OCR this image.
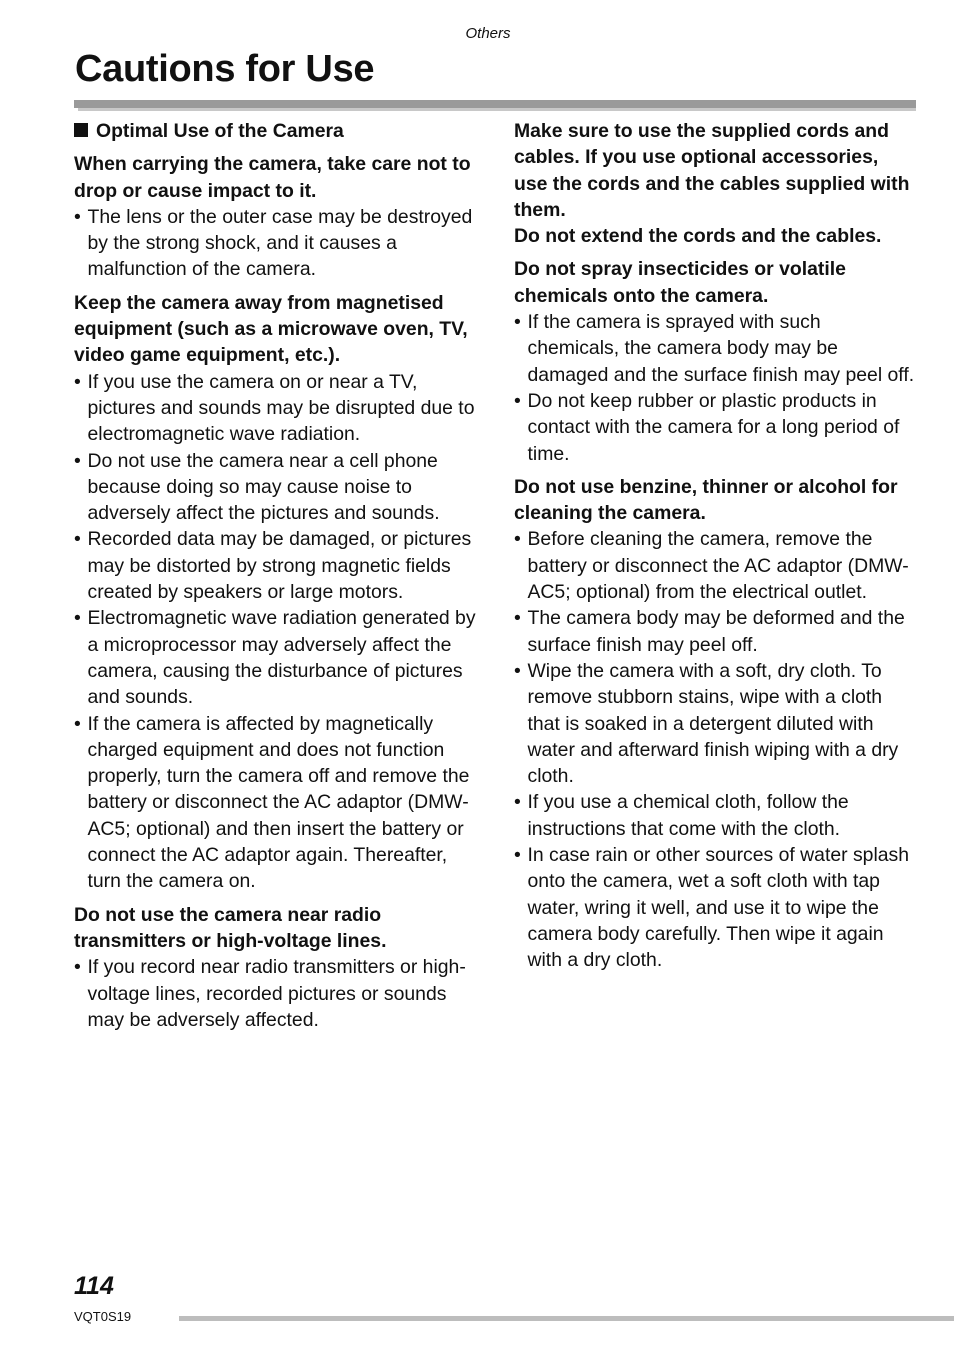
Others
Cautions for Use

Optimal Use of the Camera

When carrying the camera, take care not to drop or cause impact to it.

• The lens or the outer case may be destroyed by the strong shock, and it causes a malfunction of the camera.

Keep the camera away from magnetised equipment (such as a microwave oven, TV, video game equipment, etc.).

• If you use the camera on or near a TV, pictures and sounds may be disrupted due to electromagnetic wave radiation.

• Do not use the camera near a cell phone because doing so may cause noise to adversely affect the pictures and sounds.

• Recorded data may be damaged, or pictures may be distorted by strong magnetic fields created by speakers or large motors.

• Electromagnetic wave radiation generated by a microprocessor may adversely affect the camera, causing the disturbance of pictures and sounds.

• If the camera is affected by magnetically charged equipment and does not function properly, turn the camera off and remove the battery or disconnect the AC adaptor (DMW-AC5; optional) and then insert the battery or connect the AC adaptor again. Thereafter, turn the camera on.

Do not use the camera near radio transmitters or high-voltage lines.

• If you record near radio transmitters or high-voltage lines, recorded pictures or sounds may be adversely affected.

Make sure to use the supplied cords and cables. If you use optional accessories, use the cords and the cables supplied with them.

Do not extend the cords and the cables.

Do not spray insecticides or volatile chemicals onto the camera.

• If the camera is sprayed with such chemicals, the camera body may be damaged and the surface finish may peel off.

• Do not keep rubber or plastic products in contact with the camera for a long period of time.

Do not use benzine, thinner or alcohol for cleaning the camera.

• Before cleaning the camera, remove the battery or disconnect the AC adaptor (DMW-AC5; optional) from the electrical outlet.

• The camera body may be deformed and the surface finish may peel off.

• Wipe the camera with a soft, dry cloth. To remove stubborn stains, wipe with a cloth that is soaked in a detergent diluted with water and afterward finish wiping with a dry cloth.

• If you use a chemical cloth, follow the instructions that come with the cloth.

• In case rain or other sources of water splash onto the camera, wet a soft cloth with tap water, wring it well, and use it to wipe the camera body carefully. Then wipe it again with a dry cloth.

114
VQT0S19
